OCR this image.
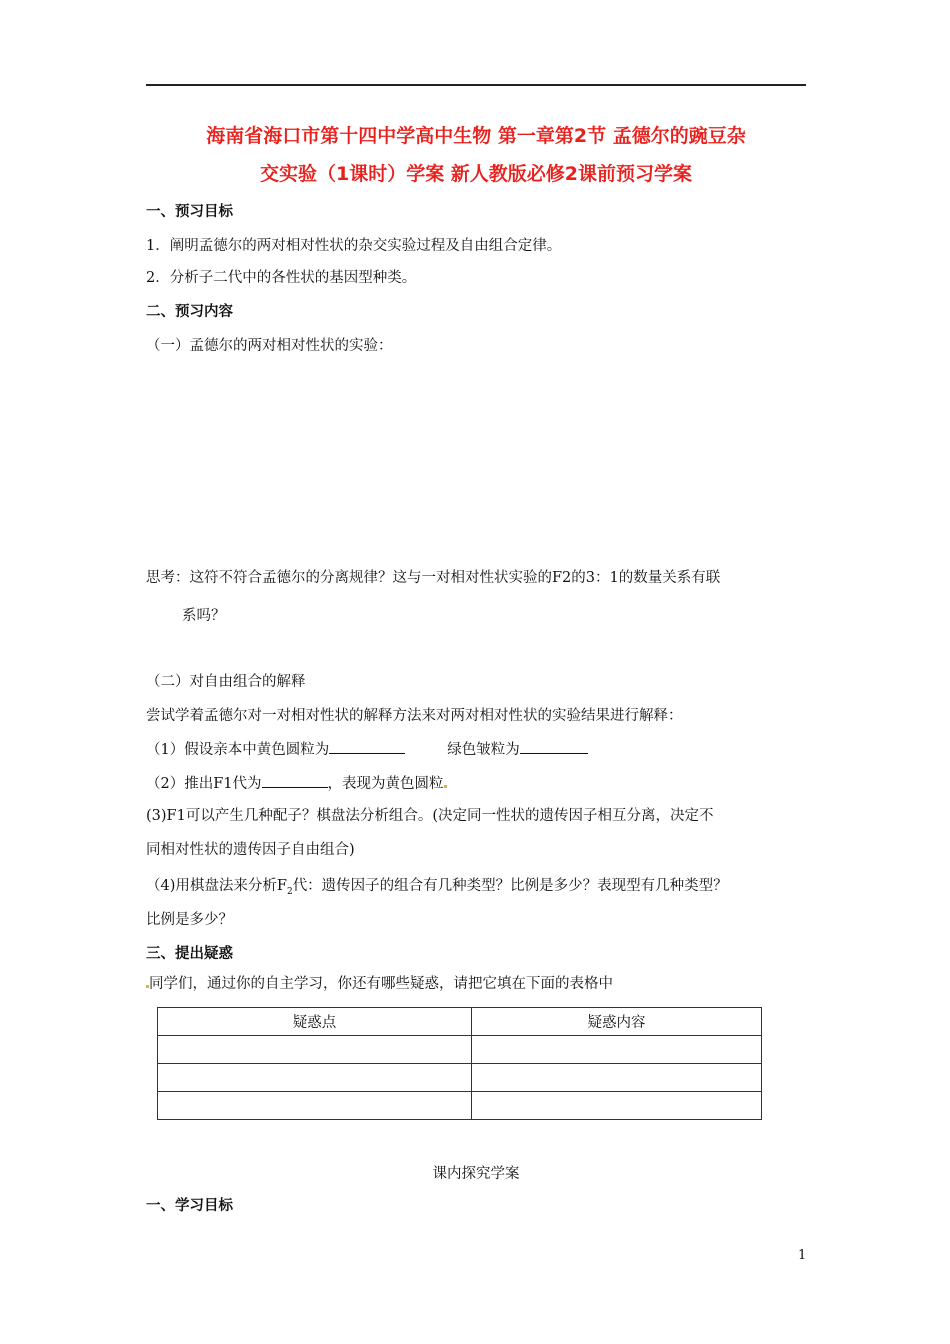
海南省海口市第十四中学高中生物 第一章第2节 孟德尔的豌豆杂
交实验（1课时）学案 新人教版必修2课前预习学案
一、预习目标
1．阐明孟德尔的两对相对性状的杂交实验过程及自由组合定律。
2．分析子二代中的各性状的基因型种类。
二、预习内容
（一）孟德尔的两对相对性状的实验：
思考：这符不符合孟德尔的分离规律？这与一对相对性状实验的F2的3：1的数量关系有联
系吗？
（二）对自由组合的解释
尝试学着孟德尔对一对相对性状的解释方法来对两对相对性状的实验结果进行解释：
（1）假设亲本中黄色圆粒为	绿色皱粒为
（2）推出F1代为	，表现为黄色圆粒
(3)F1可以产生几种配子？棋盘法分析组合。(决定同一性状的遗传因子相互分离，决定不
同相对性状的遗传因子自由组合)
（4)用棋盘法来分析$F_2$代：遗传因子的组合有几种类型？比例是多少？表现型有几种类型？
比例是多少？
三、提出疑惑
同学们，通过你的自主学习，你还有哪些疑惑，请把它填在下面的表格中
疑惑点	疑惑内容

课内探究学案
一、学习目标
1
